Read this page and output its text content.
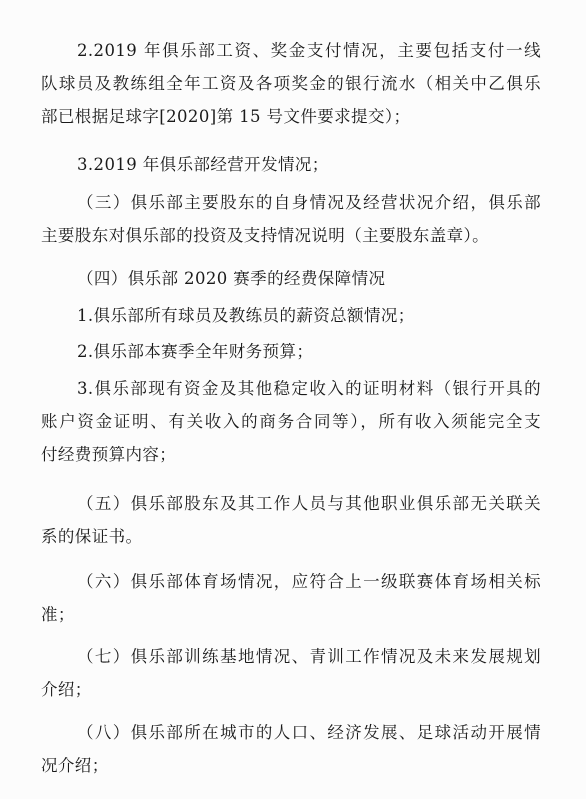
2.2019 年俱乐部工资、奖金支付情况，主要包括支付一线
队球员及教练组全年工资及各项奖金的银行流水（相关中乙俱乐
部已根据足球字[2020]第 15 号文件要求提交）；
3.2019 年俱乐部经营开发情况；
（三）俱乐部主要股东的自身情况及经营状况介绍，俱乐部
主要股东对俱乐部的投资及支持情况说明（主要股东盖章）。
（四）俱乐部 2020 赛季的经费保障情况
1.俱乐部所有球员及教练员的薪资总额情况；
2.俱乐部本赛季全年财务预算；
3.俱乐部现有资金及其他稳定收入的证明材料（银行开具的
账户资金证明、有关收入的商务合同等），所有收入须能完全支
付经费预算内容；
（五）俱乐部股东及其工作人员与其他职业俱乐部无关联关
系的保证书。
（六）俱乐部体育场情况，应符合上一级联赛体育场相关标
准；
（七）俱乐部训练基地情况、青训工作情况及未来发展规划
介绍；
（八）俱乐部所在城市的人口、经济发展、足球活动开展情
况介绍；
